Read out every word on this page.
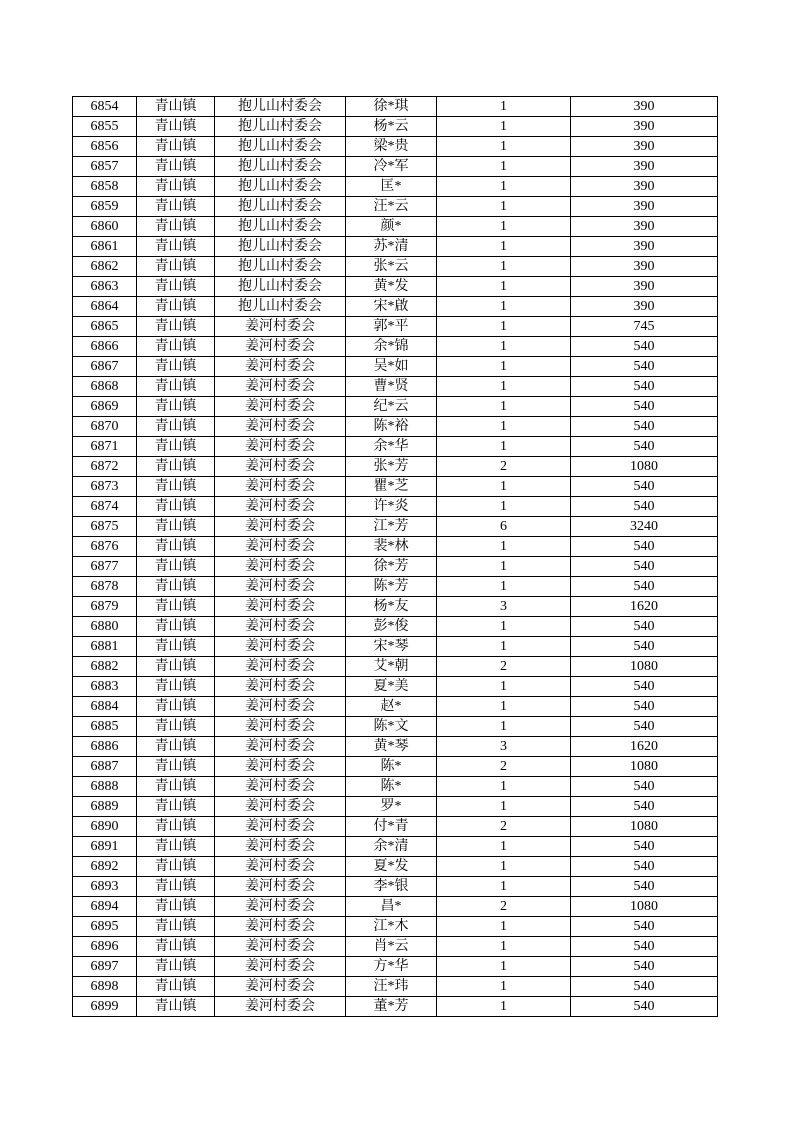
6854	青山镇	抱儿山村委会	徐*琪	1	390
6855	青山镇	抱儿山村委会	杨*云	1	390
6856	青山镇	抱儿山村委会	梁*贵	1	390
6857	青山镇	抱儿山村委会	冷*军	1	390
6858	青山镇	抱儿山村委会	匡*	1	390
6859	青山镇	抱儿山村委会	汪*云	1	390
6860	青山镇	抱儿山村委会	颜*	1	390
6861	青山镇	抱儿山村委会	苏*清	1	390
6862	青山镇	抱儿山村委会	张*云	1	390
6863	青山镇	抱儿山村委会	黄*发	1	390
6864	青山镇	抱儿山村委会	宋*啟	1	390
6865	青山镇	姜河村委会	郭*平	1	745
6866	青山镇	姜河村委会	余*锦	1	540
6867	青山镇	姜河村委会	吴*如	1	540
6868	青山镇	姜河村委会	曹*贤	1	540
6869	青山镇	姜河村委会	纪*云	1	540
6870	青山镇	姜河村委会	陈*裕	1	540
6871	青山镇	姜河村委会	余*华	1	540
6872	青山镇	姜河村委会	张*芳	2	1080
6873	青山镇	姜河村委会	瞿*芝	1	540
6874	青山镇	姜河村委会	许*炎	1	540
6875	青山镇	姜河村委会	江*芳	6	3240
6876	青山镇	姜河村委会	裴*林	1	540
6877	青山镇	姜河村委会	徐*芳	1	540
6878	青山镇	姜河村委会	陈*芳	1	540
6879	青山镇	姜河村委会	杨*友	3	1620
6880	青山镇	姜河村委会	彭*俊	1	540
6881	青山镇	姜河村委会	宋*琴	1	540
6882	青山镇	姜河村委会	艾*朝	2	1080
6883	青山镇	姜河村委会	夏*美	1	540
6884	青山镇	姜河村委会	赵*	1	540
6885	青山镇	姜河村委会	陈*文	1	540
6886	青山镇	姜河村委会	黄*琴	3	1620
6887	青山镇	姜河村委会	陈*	2	1080
6888	青山镇	姜河村委会	陈*	1	540
6889	青山镇	姜河村委会	罗*	1	540
6890	青山镇	姜河村委会	付*青	2	1080
6891	青山镇	姜河村委会	余*清	1	540
6892	青山镇	姜河村委会	夏*发	1	540
6893	青山镇	姜河村委会	李*银	1	540
6894	青山镇	姜河村委会	昌*	2	1080
6895	青山镇	姜河村委会	江*木	1	540
6896	青山镇	姜河村委会	肖*云	1	540
6897	青山镇	姜河村委会	方*华	1	540
6898	青山镇	姜河村委会	汪*玮	1	540
6899	青山镇	姜河村委会	董*芳	1	540
